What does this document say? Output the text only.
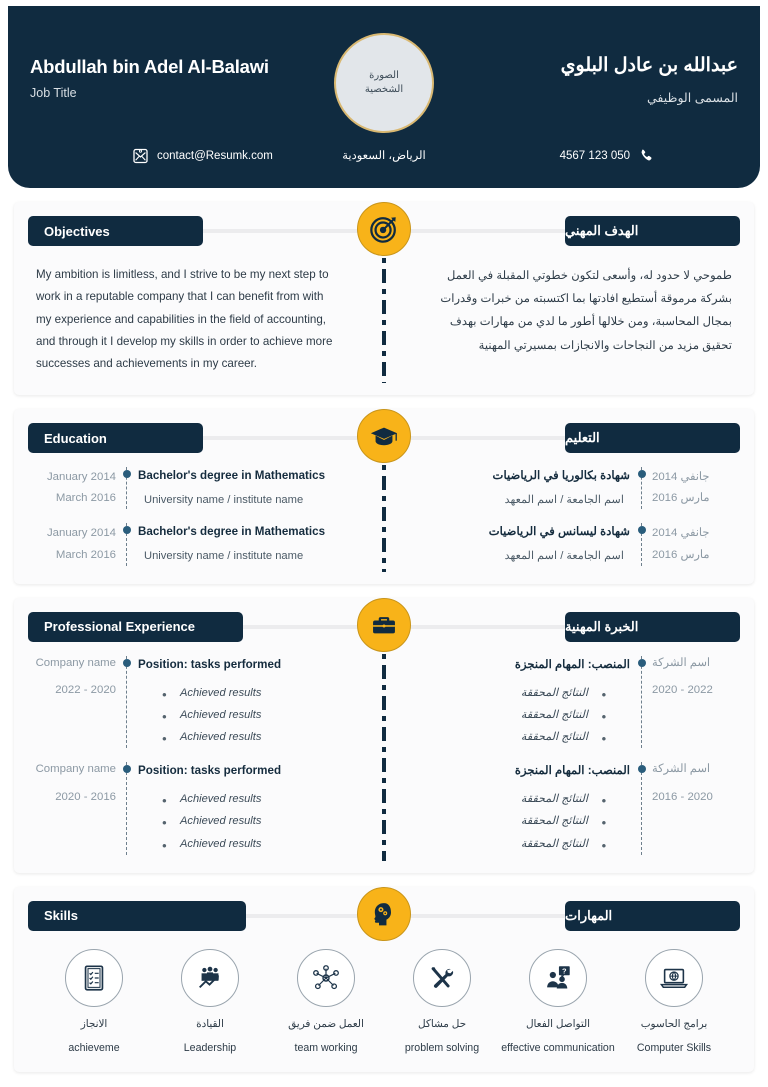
Abdullah bin Adel Al-Balawi
Job Title
الصورة
الشخصية
عبدالله بن عادل البلوي
المسمى الوظيفي
contact@Resumk.com	الرياض، السعودية	050 123 4567
Objectives	الهدف المهني
My ambition is limitless, and I strive to be my next step to work in a reputable company that I can benefit from with my experience and capabilities in the field of accounting, and through it I develop my skills in order to achieve more successes and achievements in my career.
طموحي لا حدود له، وأسعى لتكون خطوتي المقبلة في العمل بشركة مرموقة أستطيع افادتها بما اكتسبته من خبرات وقدرات بمجال المحاسبة، ومن خلالها أطور ما لدي من مهارات بهدف تحقيق مزيد من النجاحات والانجازات بمسيرتي المهنية
Education	التعليم
January 2014
March 2016
Bachelor's degree in Mathematics
University name / institute name
January 2014
March 2016
Bachelor's degree in Mathematics
University name / institute name
جانفي 2014
مارس 2016
شهادة بكالوريا في الرياضيات
اسم الجامعة / اسم المعهد
جانفي 2014
مارس 2016
شهادة ليسانس في الرياضيات
اسم الجامعة / اسم المعهد
Professional Experience	الخبرة المهنية
Company name
2022 - 2020
Position: tasks performed
• Achieved results
• Achieved results
• Achieved results
Company name
2020 - 2016
Position: tasks performed
• Achieved results
• Achieved results
• Achieved results
اسم الشركة
2022 - 2020
المنصب: المهام المنجزة
• النتائج المحققة
• النتائج المحققة
• النتائج المحققة
اسم الشركة
2020 - 2016
المنصب: المهام المنجزة
• النتائج المحققة
• النتائج المحققة
• النتائج المحققة
Skills	المهارات
الانجاز
achieveme
القيادة
Leadership
العمل ضمن فريق
team working
حل مشاكل
problem solving
?
التواصل الفعال
effective communication
برامج الحاسوب
Computer Skills
